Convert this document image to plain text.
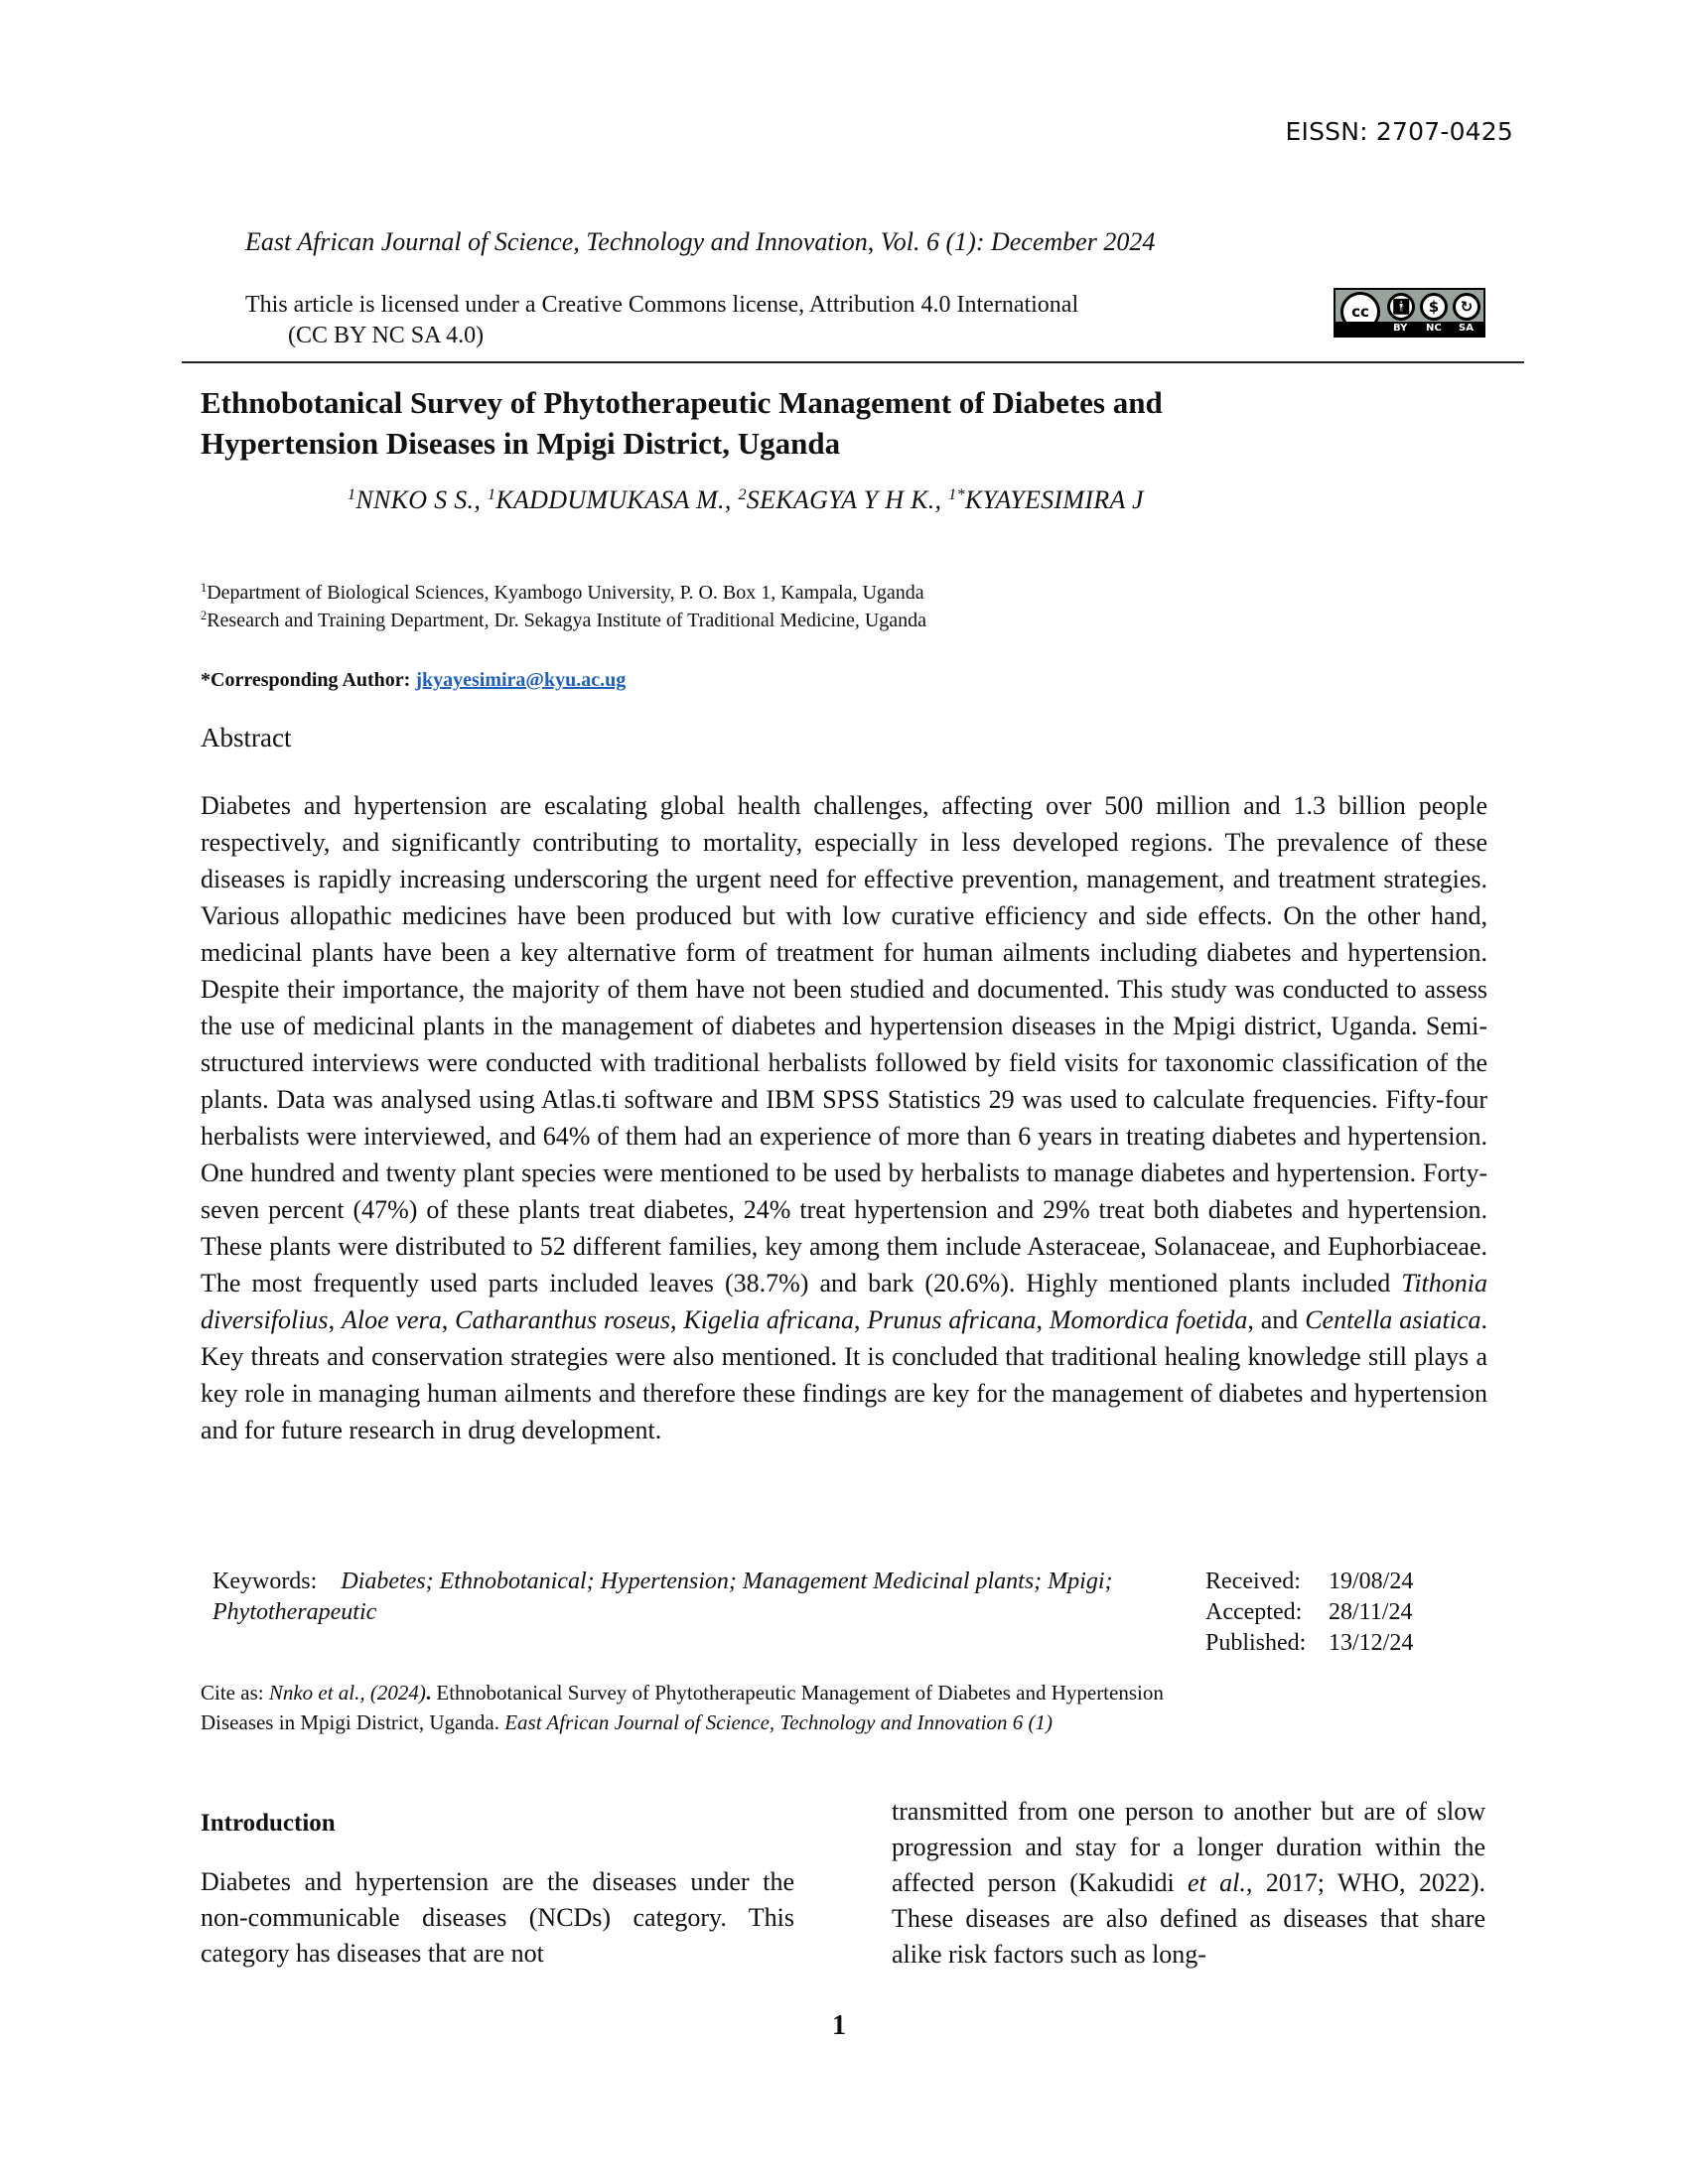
EISSN: 2707-0425
East African Journal of Science, Technology and Innovation, Vol. 6 (1): December 2024
This article is licensed under a Creative Commons license, Attribution 4.0 International
(CC BY NC SA 4.0)
cc	🚹︎	$	↻
BY NC SA
Ethnobotanical Survey of Phytotherapeutic Management of Diabetes and Hypertension Diseases in Mpigi District, Uganda
$^1$NNKO S S., $^1$KADDUMUKASA M., $^2$SEKAGYA Y H K., $^{1*}$KYAYESIMIRA J
$^1$Department of Biological Sciences, Kyambogo University, P. O. Box 1, Kampala, Uganda
$^2$Research and Training Department, Dr. Sekagya Institute of Traditional Medicine, Uganda
*Corresponding Author: jkyayesimira@kyu.ac.ug
Abstract
Diabetes and hypertension are escalating global health challenges, affecting over 500 million and 1.3 billion people respectively, and significantly contributing to mortality, especially in less developed regions. The prevalence of these diseases is rapidly increasing underscoring the urgent need for effective prevention, management, and treatment strategies. Various allopathic medicines have been produced but with low curative efficiency and side effects. On the other hand, medicinal plants have been a key alternative form of treatment for human ailments including diabetes and hypertension. Despite their importance, the majority of them have not been studied and documented. This study was conducted to assess the use of medicinal plants in the management of diabetes and hypertension diseases in the Mpigi district, Uganda. Semi-structured interviews were conducted with traditional herbalists followed by field visits for taxonomic classification of the plants. Data was analysed using Atlas.ti software and IBM SPSS Statistics 29 was used to calculate frequencies. Fifty-four herbalists were interviewed, and 64% of them had an experience of more than 6 years in treating diabetes and hypertension. One hundred and twenty plant species were mentioned to be used by herbalists to manage diabetes and hypertension. Forty-seven percent (47%) of these plants treat diabetes, 24% treat hypertension and 29% treat both diabetes and hypertension. These plants were distributed to 52 different families, key among them include Asteraceae, Solanaceae, and Euphorbiaceae. The most frequently used parts included leaves (38.7%) and bark (20.6%). Highly mentioned plants included Tithonia diversifolius, Aloe vera, Catharanthus roseus, Kigelia africana, Prunus africana, Momordica foetida, and Centella asiatica. Key threats and conservation strategies were also mentioned. It is concluded that traditional healing knowledge still plays a key role in managing human ailments and therefore these findings are key for the management of diabetes and hypertension and for future research in drug development.
Keywords: Diabetes; Ethnobotanical; Hypertension; Management Medicinal plants; Mpigi; Phytotherapeutic
Received:	19/08/24
Accepted:	28/11/24
Published:	13/12/24
Cite as: Nnko et al., (2024). Ethnobotanical Survey of Phytotherapeutic Management of Diabetes and Hypertension Diseases in Mpigi District, Uganda. East African Journal of Science, Technology and Innovation 6 (1)
Introduction
Diabetes and hypertension are the diseases under the non-communicable diseases (NCDs) category. This category has diseases that are not
transmitted from one person to another but are of slow progression and stay for a longer duration within the affected person (Kakudidi et al., 2017; WHO, 2022). These diseases are also defined as diseases that share alike risk factors such as long-
1
